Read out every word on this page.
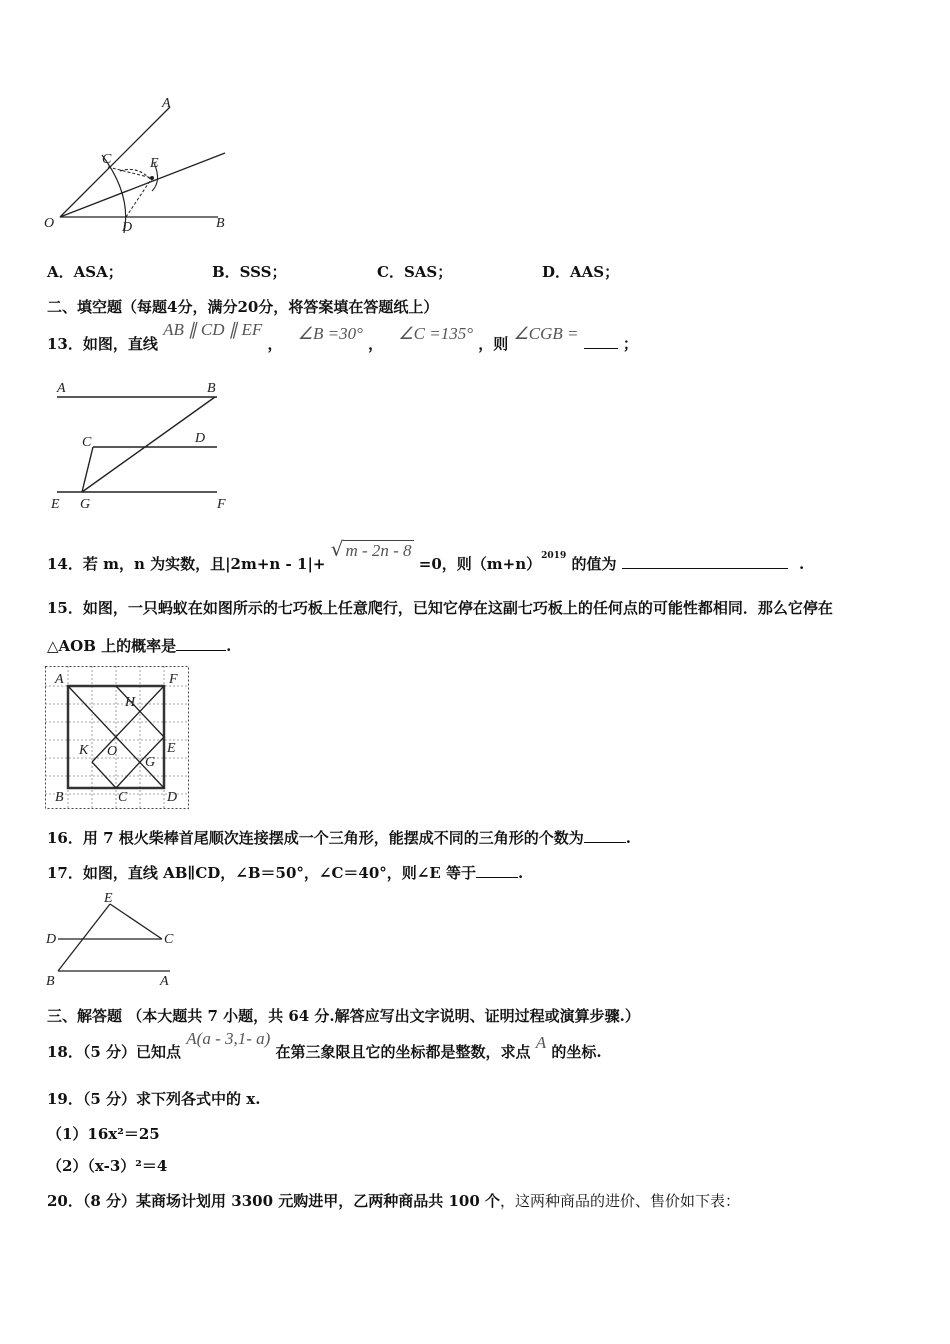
A
C	E
O	D	B
A．ASA；	B．SSS；	C．SAS；	D．AAS；
二、填空题（每题4分，满分20分，将答案填在答题纸上）
13．如图，直线 AB ∥ CD ∥ EF ， ∠B =30° ， ∠C =135° ，则 ∠CGB =  ；
A	B
C	D
E G	F
14．若 m，n 为实数，且|2m+n - 1|+ √ m - 2n - 8 =0，则$(m+n)^{2019}$ 的值为	.
15．如图，一只蚂蚁在如图所示的七巧板上任意爬行，已知它停在这副七巧板上的任何点的可能性都相同．那么它停在
△AOB 上的概率是	.
A	F
H
K O	E
G
B	C	D
16．用 7 根火柴棒首尾顺次连接摆成一个三角形，能摆成不同的三角形的个数为	.
17．如图，直线 AB∥CD，∠B＝50°，∠C＝40°，则∠E 等于	.
E
D	C
B	A
三、解答题 （本大题共 7 小题，共 64 分.解答应写出文字说明、证明过程或演算步骤.）
18．（5 分）已知点 A(a - 3,1- a) 在第三象限且它的坐标都是整数，求点 A 的坐标.
19．（5 分）求下列各式中的 x.
（1）16x²＝25
（2）（x-3）²＝4
20．（8 分）某商场计划用 3300 元购进甲，乙两种商品共 100 个，这两种商品的进价、售价如下表：
